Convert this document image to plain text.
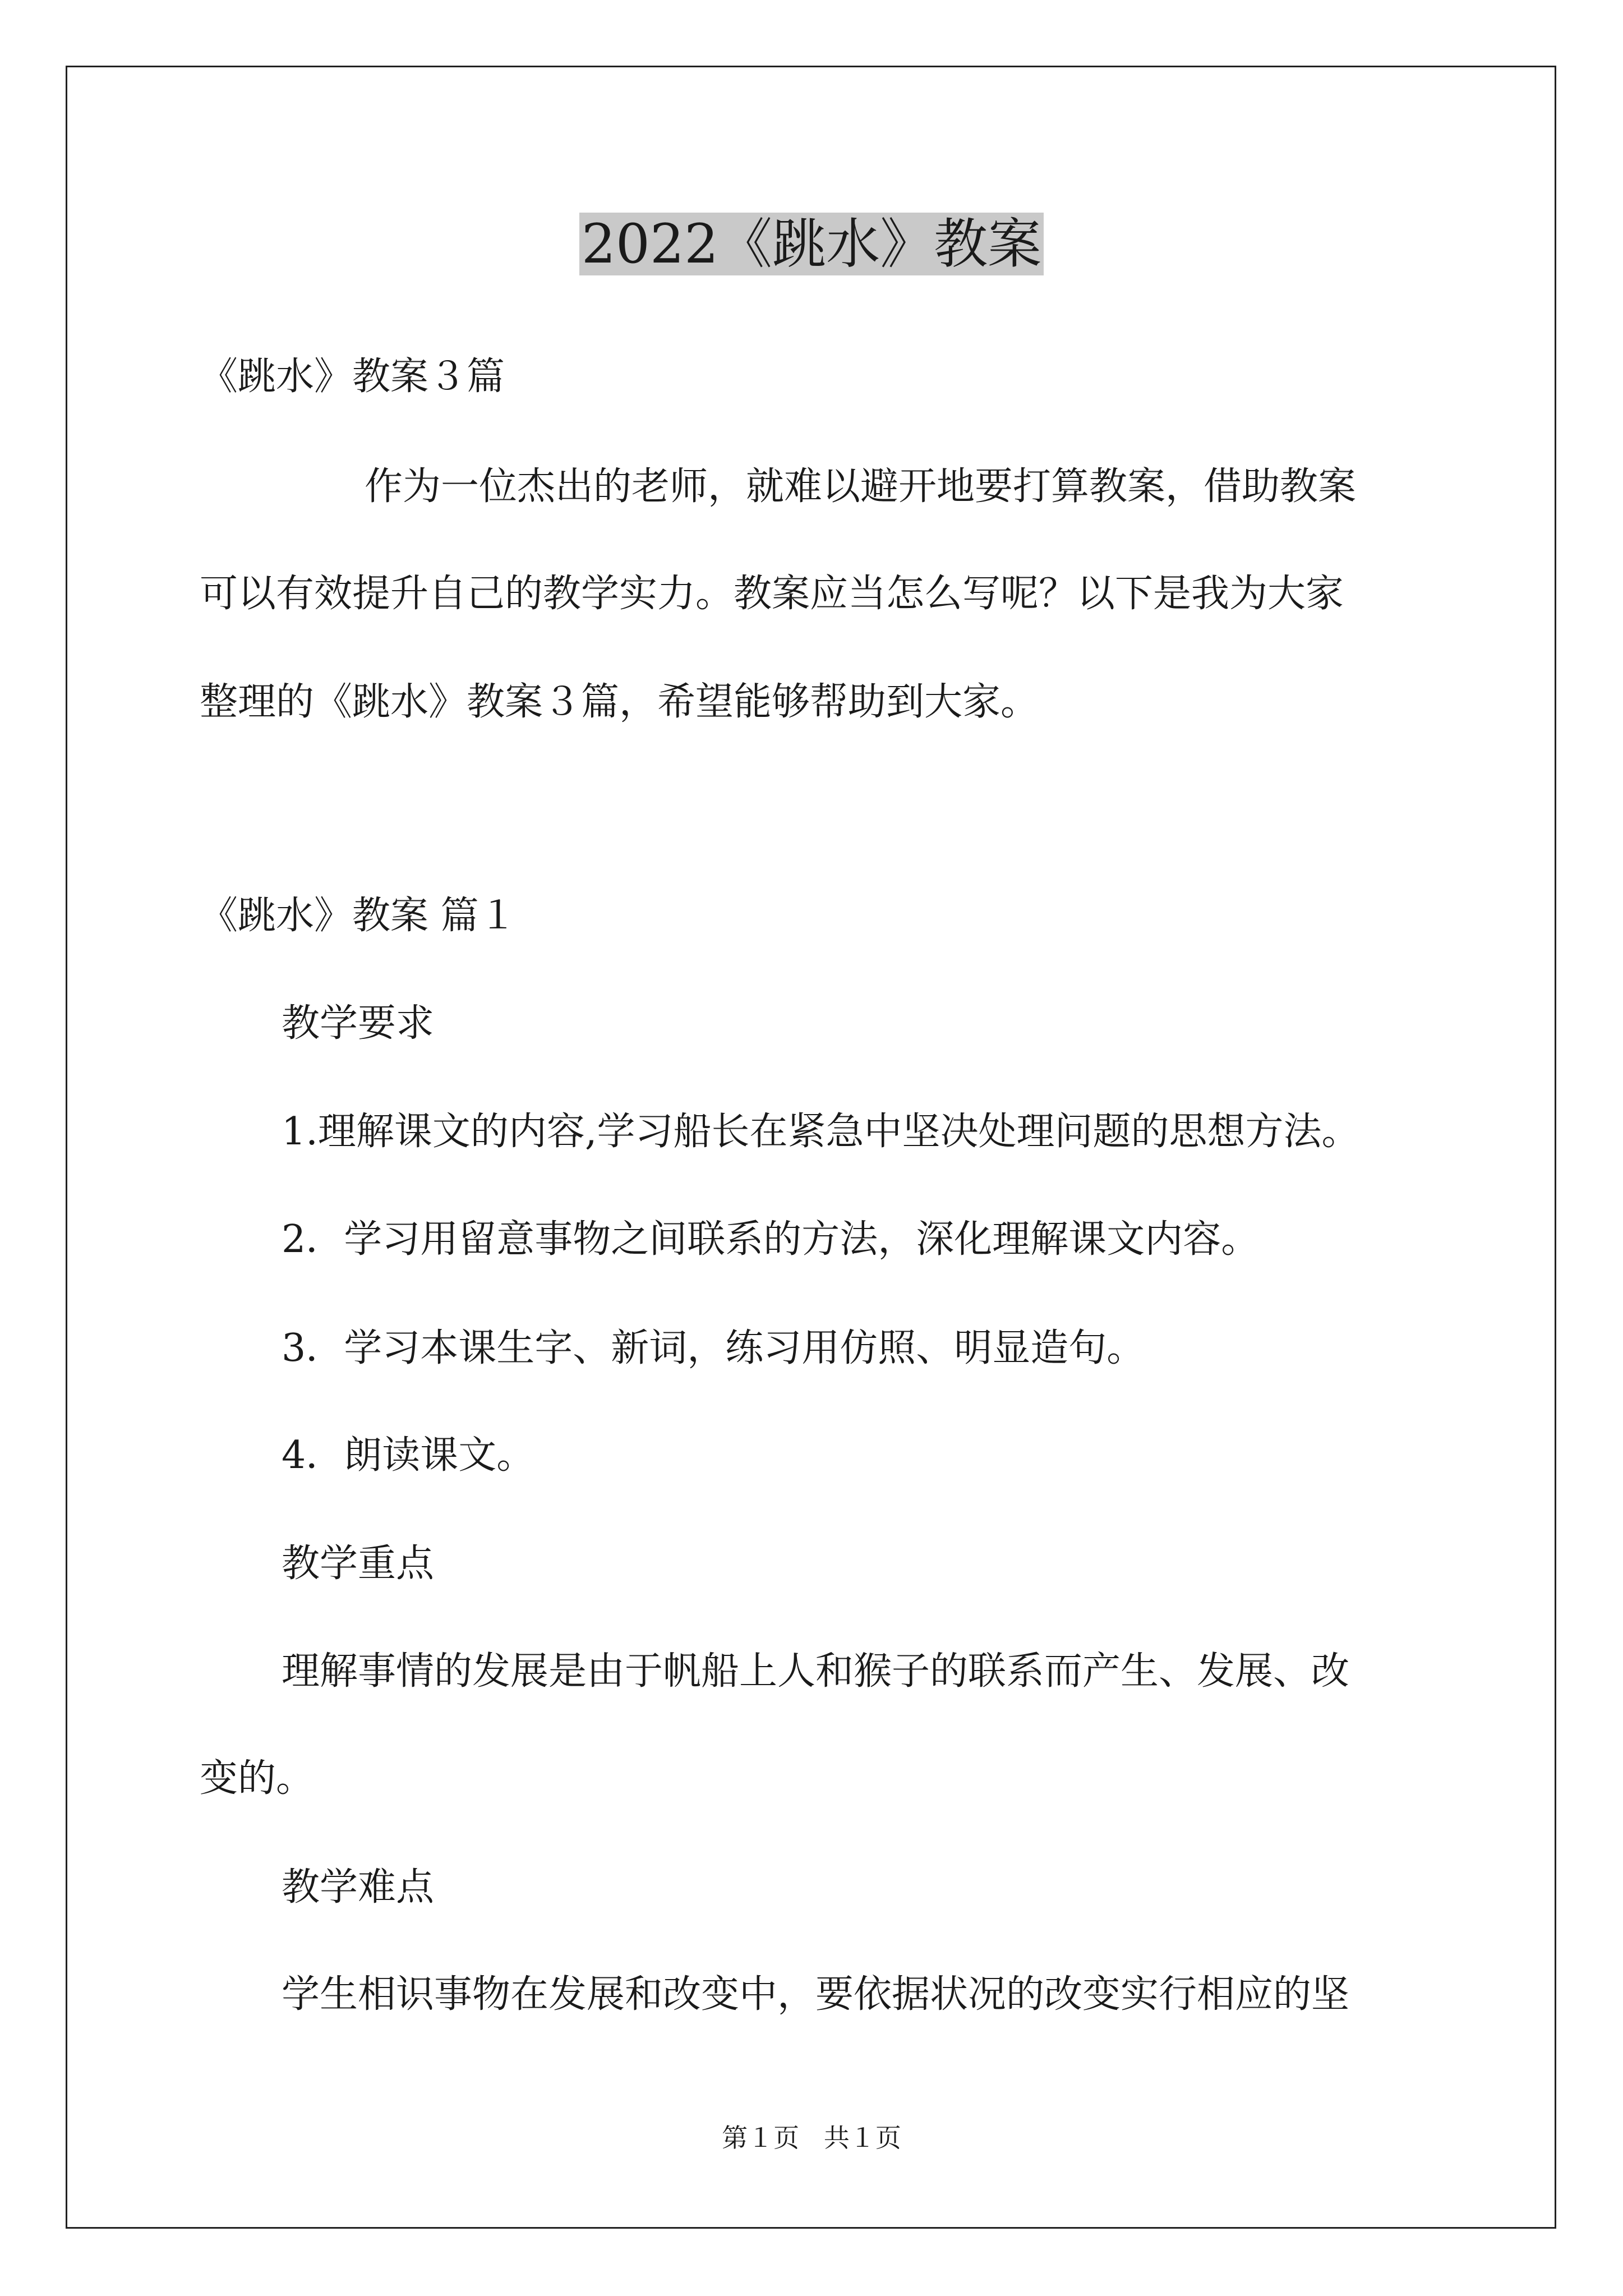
2022《跳水》教案

《跳水》教案３篇

作为一位杰出的老师，就难以避开地要打算教案，借助教案

可以有效提升自己的教学实力。教案应当怎么写呢？以下是我为大家

整理的《跳水》教案３篇，希望能够帮助到大家。

《跳水》教案 篇１

教学要求

1.理解课文的内容,学习船长在紧急中坚决处理问题的思想方法。

2．学习用留意事物之间联系的方法，深化理解课文内容。

3．学习本课生字、新词，练习用仿照、明显造句。

4．朗读课文。

教学重点

理解事情的发展是由于帆船上人和猴子的联系而产生、发展、改

变的。

教学难点

学生相识事物在发展和改变中，要依据状况的改变实行相应的坚

第１页   共１页
